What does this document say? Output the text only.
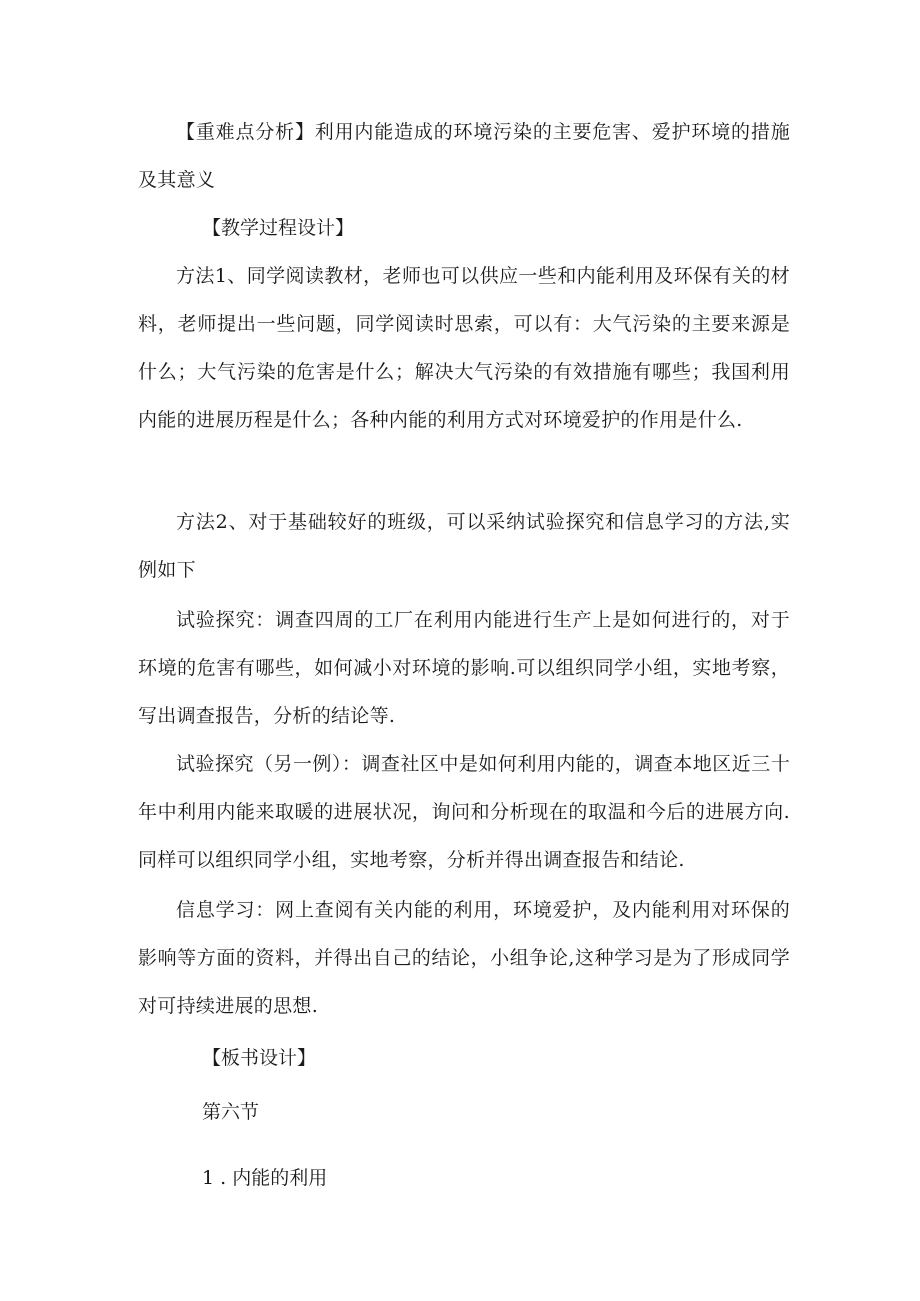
【重难点分析】利用内能造成的环境污染的主要危害、爱护环境的措施及其意义

【教学过程设计】

方法1、同学阅读教材，老师也可以供应一些和内能利用及环保有关的材料，老师提出一些问题，同学阅读时思索，可以有：大气污染的主要来源是什么；大气污染的危害是什么；解决大气污染的有效措施有哪些；我国利用内能的进展历程是什么；各种内能的利用方式对环境爱护的作用是什么.

方法2、对于基础较好的班级，可以采纳试验探究和信息学习的方法,实例如下

试验探究：调查四周的工厂在利用内能进行生产上是如何进行的，对于环境的危害有哪些，如何减小对环境的影响.可以组织同学小组，实地考察，写出调查报告，分析的结论等.

试验探究（另一例）：调查社区中是如何利用内能的，调查本地区近三十年中利用内能来取暖的进展状况，询问和分析现在的取温和今后的进展方向.同样可以组织同学小组，实地考察，分析并得出调查报告和结论.

信息学习：网上查阅有关内能的利用，环境爱护，及内能利用对环保的影响等方面的资料，并得出自己的结论，小组争论,这种学习是为了形成同学对可持续进展的思想.

【板书设计】

第六节

1 . 内能的利用
